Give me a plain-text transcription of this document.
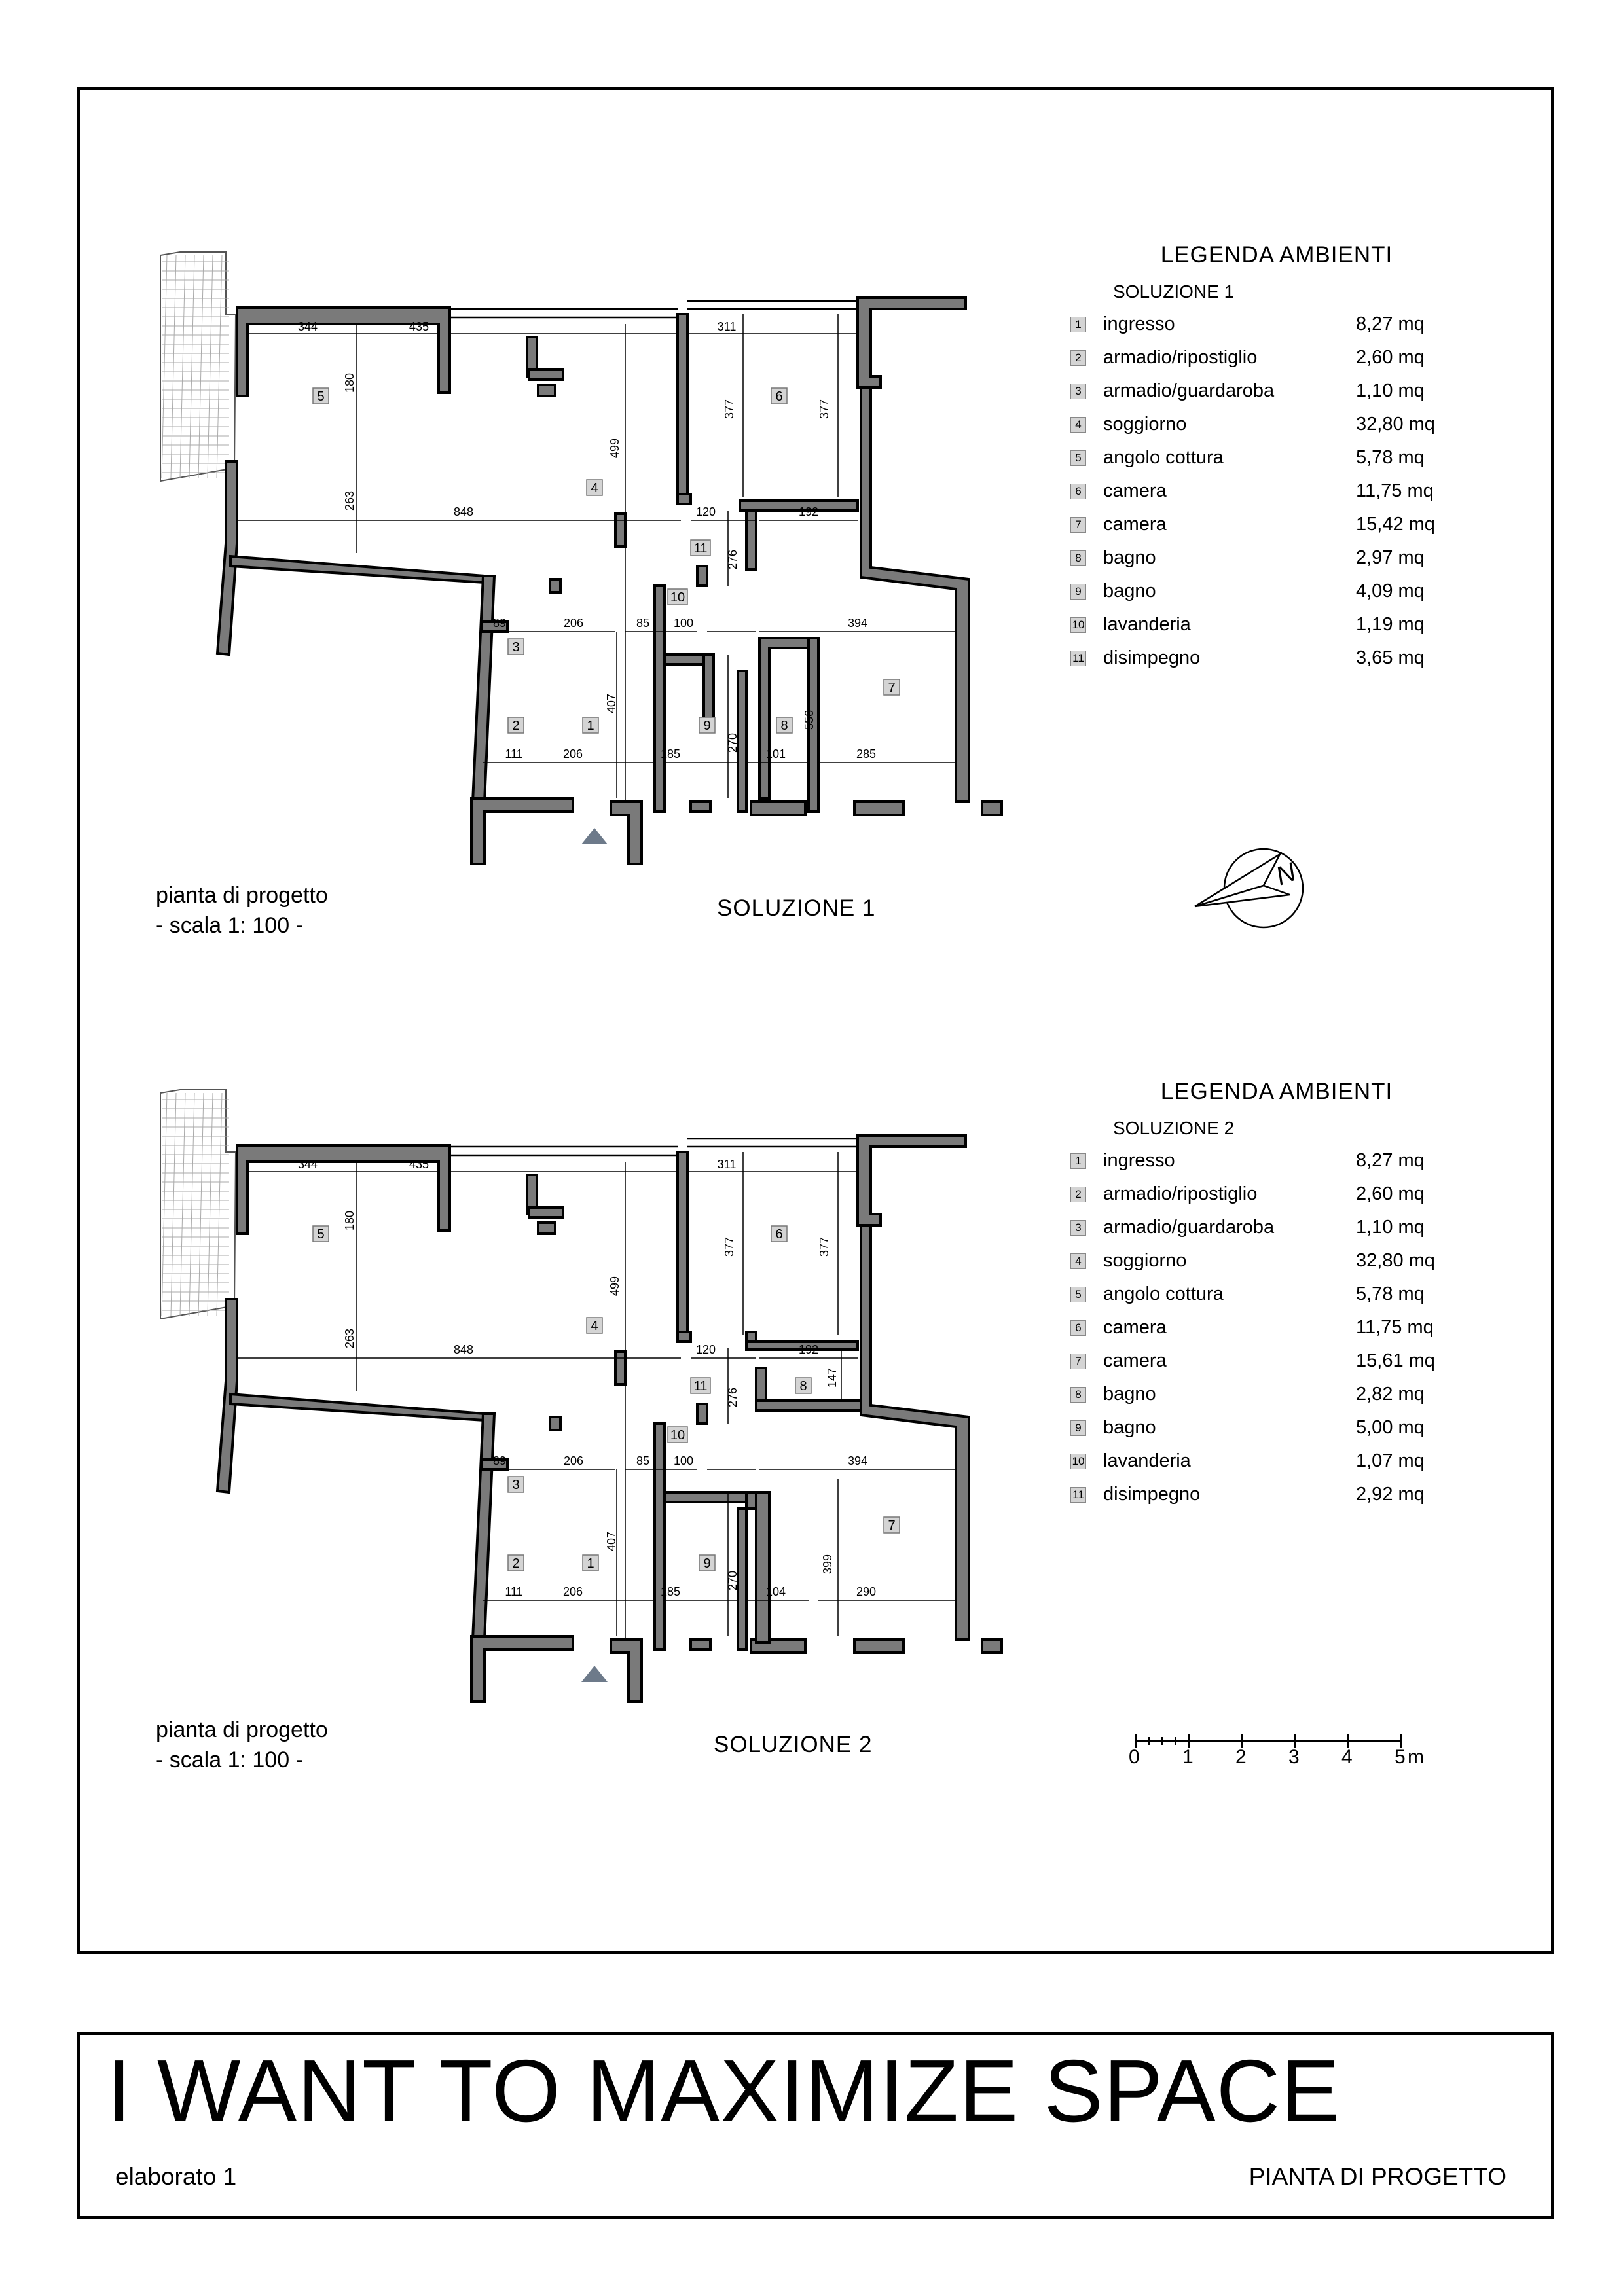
344	435	311
180
377	377
499
263
848	120	192
276
89	206	85 100	394
556
407
270
111	206	185	101	285
1
2
3
4
5	6
7
8
9
10
11
344	435	311
180
377	377
499
263
848	120	192
147
276
89	206	85 100	394
399
407
270
111	206	185	104	290
1
2
3
4
5	6
7
8
9
10
11
LEGENDA AMBIENTI
SOLUZIONE 1
1 ingresso	8,27 mq
2 armadio/ripostiglio	2,60 mq
3 armadio/guardaroba	1,10 mq
4 soggiorno	32,80 mq
5 angolo cottura	5,78 mq
6 camera	11,75 mq
7 camera	15,42 mq
8 bagno	2,97 mq
9 bagno	4,09 mq
10 lavanderia	1,19 mq
11 disimpegno	3,65 mq
LEGENDA AMBIENTI
SOLUZIONE 2
1 ingresso	8,27 mq
2 armadio/ripostiglio	2,60 mq
3 armadio/guardaroba	1,10 mq
4 soggiorno	32,80 mq
5 angolo cottura	5,78 mq
6 camera	11,75 mq
7 camera	15,61 mq
8 bagno	2,82 mq
9 bagno	5,00 mq
10 lavanderia	1,07 mq
11 disimpegno	2,92 mq
pianta di progetto
- scala 1: 100 -
SOLUZIONE 1
pianta di progetto
- scala 1: 100 -
SOLUZIONE 2
N
0 1 2 3 4 5 m
I WANT TO MAXIMIZE SPACE
elaborato 1	PIANTA DI PROGETTO
